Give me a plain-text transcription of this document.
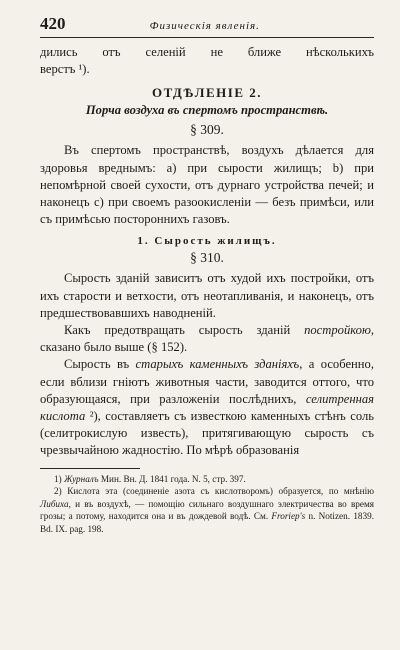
420	Физическія явленія.
дились отъ селеній не ближе нѣсколькихъ
верстъ ¹).
ОТДѢЛЕНІЕ 2.
Порча воздуха въ спертомъ пространствѣ.
§ 309.

Въ спертомъ пространствѣ, воздухъ дѣлается для здоровья вреднымъ: a) при сырости жилищъ; b) при непомѣрной своей сухости, отъ дурнаго устройства печей; и наконецъ c) при своемъ разоокисленіи — безъ примѣси, или съ примѣсью постороннихъ газовъ.

1. Сырость жилищъ.
§ 310.

Сырость зданій зависитъ отъ худой ихъ постройки, отъ ихъ старости и ветхости, отъ неотапливанія, и наконецъ, отъ предшествовавшихъ наводненій.

Какъ предотвращать сырость зданій постройкою, сказано было выше (§ 152).

Сырость въ старыхъ каменныхъ зданіяхъ, а особенно, если вблизи гніютъ животныя части, заводится оттого, что образующаяся, при разложеніи послѣднихъ, селитренная кислота ²), составляетъ съ известкою каменныхъ стѣнъ соль (селитрокислую известь), притягивающую сырость съ чрезвычайною жадностію. По мѣрѣ образованія

1) Журналъ Мин. Вн. Д. 1841 года. N. 5, стр. 397.

2) Кислота эта (соединеніе азота съ кислотворомъ) образуется, по мнѣнію Либиха, и въ воздухѣ, — помощію сильнаго воздушнаго электричества во время грозы; а потому, находится она и въ дождевой водѣ. См. Froriep's n. Notizen. 1839. Bd. IX. pag. 198.
